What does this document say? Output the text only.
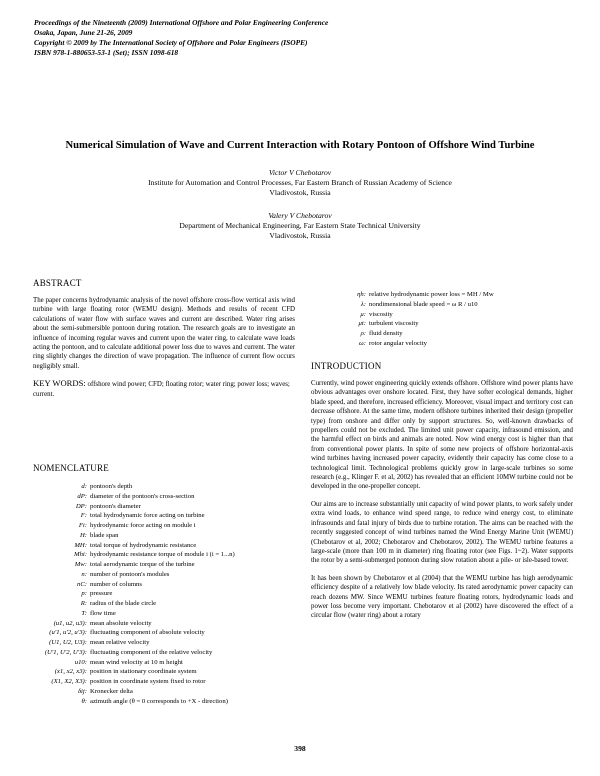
Proceedings of the Nineteenth (2009) International Offshore and Polar Engineering Conference
Osaka, Japan, June 21-26, 2009
Copyright © 2009 by The International Society of Offshore and Polar Engineers (ISOPE)
ISBN 978-1-880653-53-1 (Set); ISSN 1098-618
Numerical Simulation of Wave and Current Interaction with Rotary Pontoon of Offshore Wind Turbine
Victor V Chebotarov
Institute for Automation and Control Processes, Far Eastern Branch of Russian Academy of Science
Vladivostok, Russia
Valery V Chebotarov
Department of Mechanical Engineering, Far Eastern State Technical University
Vladivostok, Russia
ABSTRACT
The paper concerns hydrodynamic analysis of the novel offshore cross-flow vertical axis wind turbine with large floating rotor (WEMU design). Methods and results of recent CFD calculations of water flow with surface waves and current are described. Water ring arises about the semi-submersible pontoon during rotation. The research goals are to investigate an influence of incoming regular waves and current upon the water ring, to calculate wave loads acting the pontoon, and to calculate additional power loss due to waves and current. The water ring slightly changes the direction of wave propagation. The influence of current flow occurs negligibly small.
KEY WORDS: offshore wind power; CFD; floating rotor; water ring; power loss; waves; current.
NOMENCLATURE
d: pontoon's depth
dP: diameter of the pontoon's cross-section
DP: pontoon's diameter
F: total hydrodynamic force acting on turbine
Fi: hydrodynamic force acting on module i
H: blade span
MH: total torque of hydrodynamic resistance
Mhi: hydrodynamic resistance torque of module i (i = 1...n)
Mw: total aerodynamic torque of the turbine
n: number of pontoon's modules
nC: number of columns
p: pressure
R: radius of the blade circle
T: flow time
(u1, u2, u3): mean absolute velocity
(u'1, u'2, u'3): fluctuating component of absolute velocity
(U1, U2, U3): mean relative velocity
(U'1, U'2, U'3): fluctuating component of the relative velocity
u10: mean wind velocity at 10 m height
(x1, x2, x3): position in stationary coordinate system
(X1, X2, X3): position in coordinate system fixed to rotor
δij: Kronecker delta
θ: azimuth angle (θ = 0 corresponds to +X - direction)
ηh: relative hydrodynamic power loss = MH / Mw
λ: nondimensional blade speed = ω R / u10
μ: viscosity
μt: turbulent viscosity
ρ: fluid density
ω: rotor angular velocity
INTRODUCTION
Currently, wind power engineering quickly extends offshore. Offshore wind power plants have obvious advantages over onshore located. First, they have softer ecological demands, higher blade speed, and therefore, increased efficiency. Moreover, visual impact and territory cost can decrease offshore. At the same time, modern offshore turbines inherited their design (propeller type) from onshore and differ only by support structures. So, well-known drawbacks of propellers could not be excluded. The limited unit power capacity, infrasound emission, and the harmful effect on birds and animals are noted. Now wind energy cost is higher than that from conventional power plants. In spite of some new projects of offshore horizontal-axis wind turbines having increased power capacity, evidently their capacity has come close to a technological limit. Technological problems quickly grow in large-scale turbines so some research (e.g., Klinger F. et al, 2002) has revealed that an efficient 10MW turbine could not be developed in the one-propeller concept.
Our aims are to increase substantially unit capacity of wind power plants, to work safely under extra wind loads, to enhance wind speed range, to reduce wind energy cost, to eliminate infrasounds and fatal injury of birds due to turbine rotation. The aims can be reached with the recently suggested concept of wind turbines named the Wind Energy Marine Unit (WEMU) (Chebotarov et al, 2002; Chebotarov and Chebotarov, 2002). The WEMU turbine features a large-scale (more than 100 m in diameter) ring floating rotor (see Figs. 1~2). Water supports the rotor by a semi-submerged pontoon during slow rotation about a pile- or isle-based tower.
It has been shown by Chebotarov et al (2004) that the WEMU turbine has high aerodynamic efficiency despite of a relatively low blade velocity. Its rated aerodynamic power capacity can reach dozens MW. Since WEMU turbines feature floating rotors, hydrodynamic loads and power loss become very important. Chebotarov et al (2002) have discovered the effect of a circular flow (water ring) about a rotary
398
